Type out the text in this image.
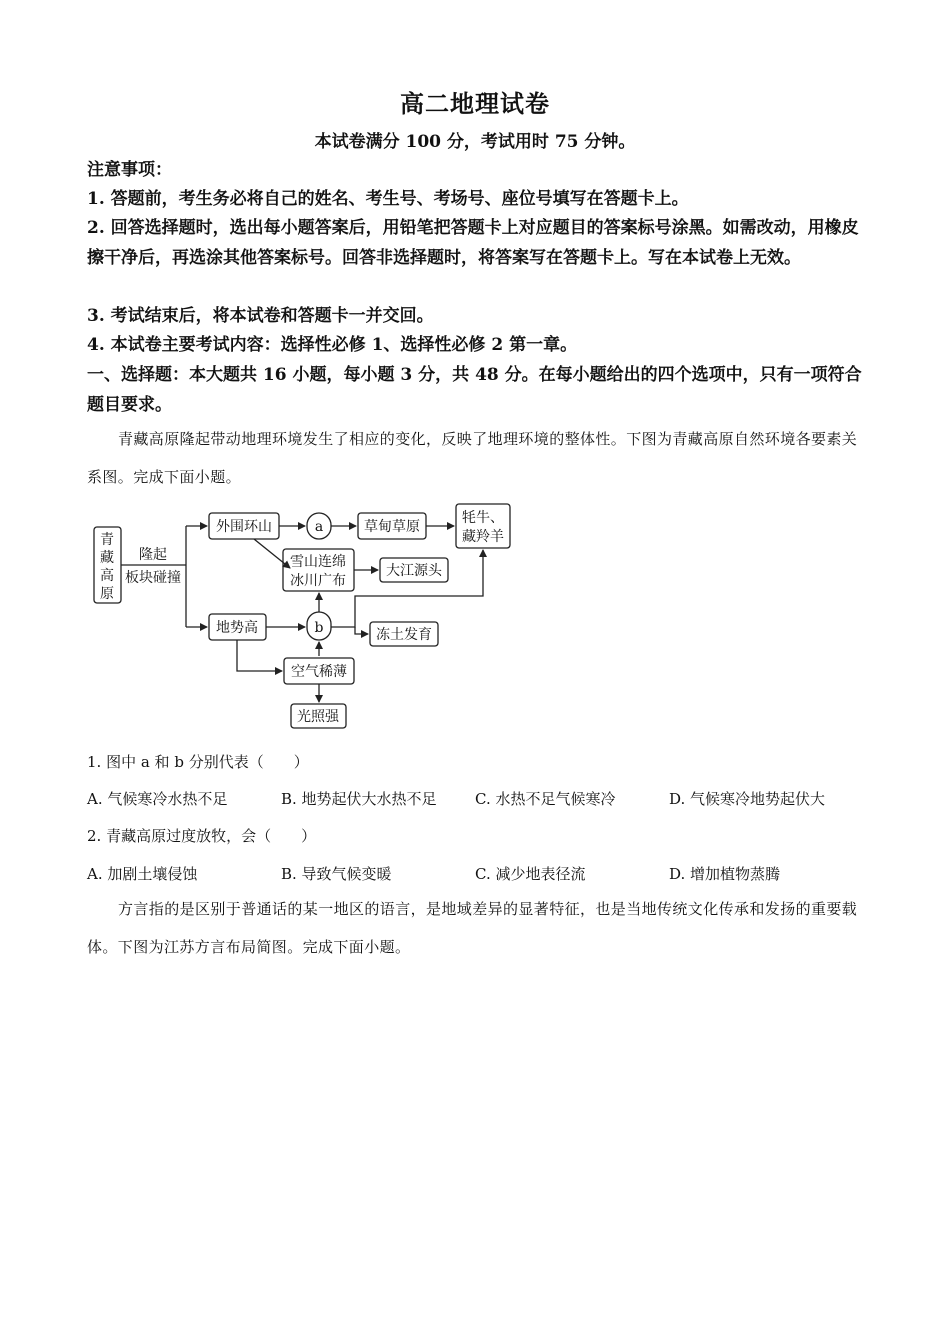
高二地理试卷
本试卷满分 100 分，考试用时 75 分钟。
注意事项：
1. 答题前，考生务必将自己的姓名、考生号、考场号、座位号填写在答题卡上。
2. 回答选择题时，选出每小题答案后，用铅笔把答题卡上对应题目的答案标号涂黑。如需改动，用橡皮擦干净后，再选涂其他答案标号。回答非选择题时，将答案写在答题卡上。写在本试卷上无效。
3. 考试结束后，将本试卷和答题卡一并交回。
4. 本试卷主要考试内容：选择性必修 1、选择性必修 2 第一章。
一、选择题：本大题共 16 小题，每小题 3 分，共 48 分。在每小题给出的四个选项中，只有一项符合题目要求。
青藏高原隆起带动地理环境发生了相应的变化，反映了地理环境的整体性。下图为青藏高原自然环境各要素关系图。完成下面小题。
青
藏
高
原
隆起
板块碰撞
外围环山	a	草甸草原
牦牛、
藏羚羊
雪山连绵
冰川广布
大江源头
地势高	b	冻土发育
空气稀薄
光照强
1. 图中 a 和 b 分别代表（　　）
A. 气候寒冷水热不足	B. 地势起伏大水热不足	C. 水热不足气候寒冷	D. 气候寒冷地势起伏大
2. 青藏高原过度放牧，会（　　）
A. 加剧土壤侵蚀	B. 导致气候变暖	C. 减少地表径流	D. 增加植物蒸腾
方言指的是区别于普通话的某一地区的语言，是地域差异的显著特征，也是当地传统文化传承和发扬的重要载体。下图为江苏方言布局简图。完成下面小题。
